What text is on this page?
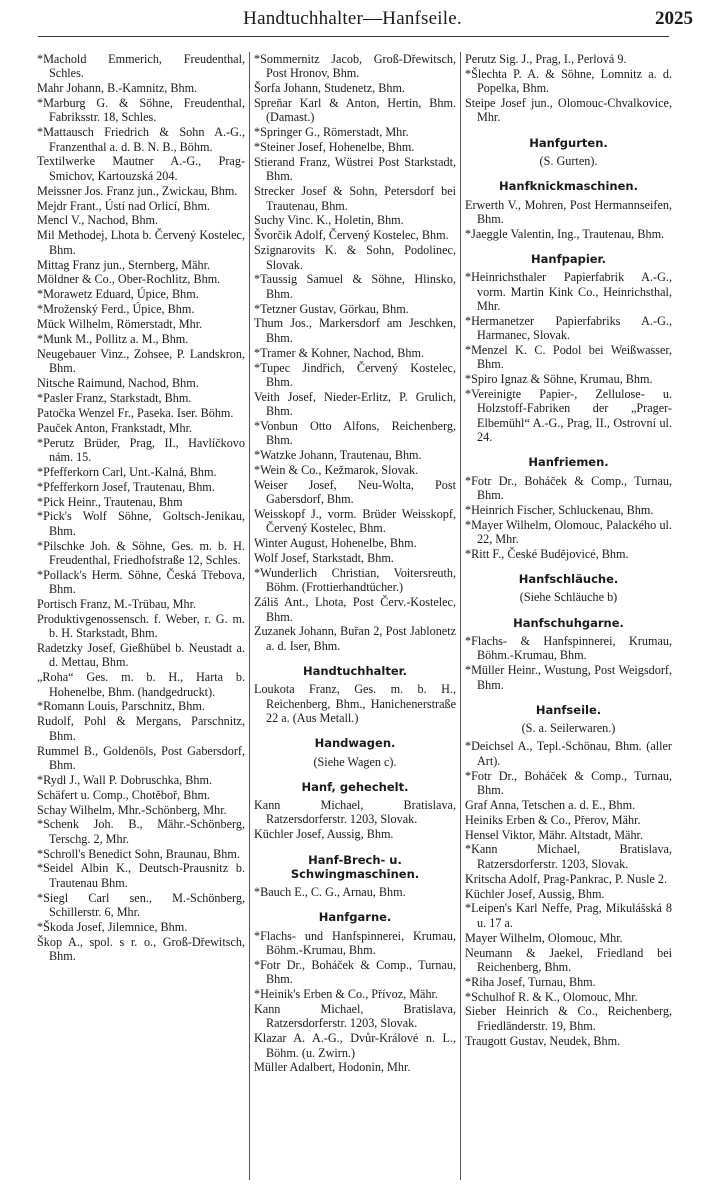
Handtuchhalter—Hanfseile.	2025
*Machold Emmerich, Freudenthal, Schles.
Mahr Johann, B.-Kamnitz, Bhm.
*Marburg G. & Söhne, Freudenthal, Fabriksstr. 18, Schles.
*Mattausch Friedrich & Sohn A.-G., Franzenthal a. d. B. N. B., Böhm.
Textilwerke Mautner A.-G., Prag-Smichov, Kartouzská 204.
Meissner Jos. Franz jun., Zwickau, Bhm.
Mejdr Frant., Ústí nad Orlicí, Bhm.
Mencl V., Nachod, Bhm.
Mil Methodej, Lhota b. Červený Kostelec, Bhm.
Mittag Franz jun., Sternberg, Mähr.
Möldner & Co., Ober-Rochlitz, Bhm.
*Morawetz Eduard, Úpice, Bhm.
*Mroženský Ferd., Úpice, Bhm.
Mück Wilhelm, Römerstadt, Mhr.
*Munk M., Pollitz a. M., Bhm.
Neugebauer Vinz., Zohsee, P. Landskron, Bhm.
Nitsche Raimund, Nachod, Bhm.
*Pasler Franz, Starkstadt, Bhm.
Patočka Wenzel Fr., Paseka. Iser. Böhm.
Pauček Anton, Frankstadt, Mhr.
*Perutz Brüder, Prag, II., Havlíčkovo nám. 15.
*Pfefferkorn Carl, Unt.-Kalná, Bhm.
*Pfefferkorn Josef, Trautenau, Bhm.
*Pick Heinr., Trautenau, Bhm
*Pick's Wolf Söhne, Goltsch-Jenikau, Bhm.
*Pilschke Joh. & Söhne, Ges. m. b. H. Freudenthal, Friedhofstraße 12, Schles.
*Pollack's Herm. Söhne, Česká Třebova, Bhm.
Portisch Franz, M.-Trübau, Mhr.
Produktivgenossensch. f. Weber, r. G. m. b. H. Starkstadt, Bhm.
Radetzky Josef, Gießhübel b. Neustadt a. d. Mettau, Bhm.
„Roha“ Ges. m. b. H., Harta b. Hohenelbe, Bhm. (handgedruckt).
*Romann Louis, Parschnitz, Bhm.
Rudolf, Pohl & Mergans, Parschnitz, Bhm.
Rummel B., Goldenöls, Post Gabersdorf, Bhm.
*Rydl J., Wall P. Dobruschka, Bhm.
Schäfert u. Comp., Chotěboř, Bhm.
Schay Wilhelm, Mhr.-Schönberg, Mhr.
*Schenk Joh. B., Mähr.-Schönberg, Terschg. 2, Mhr.
*Schroll's Benedict Sohn, Braunau, Bhm.
*Seidel Albin K., Deutsch-Prausnitz b. Trautenau Bhm.
*Siegl Carl sen., M.-Schönberg, Schillerstr. 6, Mhr.
*Škoda Josef, Jilemnice, Bhm.
Škop A., spol. s r. o., Groß-Dřewitsch, Bhm.
*Sommernitz Jacob, Groß-Dřewitsch, Post Hronov, Bhm.
Šorfa Johann, Studenetz, Bhm.
Spreňar Karl & Anton, Hertin, Bhm. (Damast.)
*Springer G., Römerstadt, Mhr.
*Steiner Josef, Hohenelbe, Bhm.
Stierand Franz, Wüstrei Post Starkstadt, Bhm.
Strecker Josef & Sohn, Petersdorf bei Trautenau, Bhm.
Suchy Vinc. K., Holetin, Bhm.
Švorčik Adolf, Červený Kostelec, Bhm.
Szignarovits K. & Sohn, Podolinec, Slovak.
*Taussig Samuel & Söhne, Hlinsko, Bhm.
*Tetzner Gustav, Görkau, Bhm.
Thum Jos., Markersdorf am Jeschken, Bhm.
*Tramer & Kohner, Nachod, Bhm.
*Tupec Jindřich, Červený Kostelec, Bhm.
Veith Josef, Nieder-Erlitz, P. Grulich, Bhm.
*Vonbun Otto Alfons, Reichenberg, Bhm.
*Watzke Johann, Trautenau, Bhm.
*Wein & Co., Kežmarok, Slovak.
Weiser Josef, Neu-Wolta, Post Gabersdorf, Bhm.
Weisskopf J., vorm. Brüder Weisskopf, Červený Kostelec, Bhm.
Winter August, Hohenelbe, Bhm.
Wolf Josef, Starkstadt, Bhm.
*Wunderlich Christian, Voitersreuth, Böhm. (Frottierhandtücher.)
Záliš Ant., Lhota, Post Červ.-Kostelec, Bhm.
Zuzanek Johann, Buřan 2, Post Jablonetz a. d. Iser, Bhm.
Handtuchhalter.
Loukota Franz, Ges. m. b. H., Reichenberg, Bhm., Hanichenerstraße 22 a. (Aus Metall.)
Handwagen.
(Siehe Wagen c).
Hanf, gehechelt.
Kann Michael, Bratislava, Ratzersdorferstr. 1203, Slovak.
Küchler Josef, Aussig, Bhm.
Hanf-Brech- u. Schwingmaschinen.
*Bauch E., C. G., Arnau, Bhm.
Hanfgarne.
*Flachs- und Hanfspinnerei, Krumau, Böhm.-Krumau, Bhm.
*Fotr Dr., Boháček & Comp., Turnau, Bhm.
*Heinik's Erben & Co., Přívoz, Mähr.
Kann Michael, Bratislava, Ratzersdorferstr. 1203, Slovak.
Klazar A. A.-G., Dvůr-Králové n. L., Böhm. (u. Zwirn.)
Müller Adalbert, Hodonin, Mhr.
Perutz Sig. J., Prag, I., Perlová 9.
*Šlechta P. A. & Söhne, Lomnitz a. d. Popelka, Bhm.
Steipe Josef jun., Olomouc-Chvalkovice, Mhr.
Hanfgurten.
(S. Gurten).
Hanfknickmaschinen.
Erwerth V., Mohren, Post Hermannseifen, Bhm.
*Jaeggle Valentin, Ing., Trautenau, Bhm.
Hanfpapier.
*Heinrichsthaler Papierfabrik A.-G., vorm. Martin Kink Co., Heinrichsthal, Mhr.
*Hermanetzer Papierfabriks A.-G., Harmanec, Slovak.
*Menzel K. C. Podol bei Weißwasser, Bhm.
*Spiro Ignaz & Söhne, Krumau, Bhm.
*Vereinigte Papier-, Zellulose- u. Holzstoff-Fabriken der „Prager-Elbemühl“ A.-G., Prag, II., Ostrovní ul. 24.
Hanfriemen.
*Fotr Dr., Boháček & Comp., Turnau, Bhm.
*Heinrich Fischer, Schluckenau, Bhm.
*Mayer Wilhelm, Olomouc, Palackého ul. 22, Mhr.
*Ritt F., České Budějovicé, Bhm.
Hanfschläuche.
(Siehe Schläuche b)
Hanfschuhgarne.
*Flachs- & Hanfspinnerei, Krumau, Böhm.-Krumau, Bhm.
*Müller Heinr., Wustung, Post Weigsdorf, Bhm.
Hanfseile.
(S. a. Seilerwaren.)
*Deichsel A., Tepl.-Schönau, Bhm. (aller Art).
*Fotr Dr., Boháček & Comp., Turnau, Bhm.
Graf Anna, Tetschen a. d. E., Bhm.
Heiniks Erben & Co., Přerov, Mähr.
Hensel Viktor, Mähr. Altstadt, Mähr.
*Kann Michael, Bratislava, Ratzersdorferstr. 1203, Slovak.
Kritscha Adolf, Prag-Pankrac, P. Nusle 2.
Küchler Josef, Aussig, Bhm.
*Leipen's Karl Neffe, Prag, Mikulášská 8 u. 17 a.
Mayer Wilhelm, Olomouc, Mhr.
Neumann & Jaekel, Friedland bei Reichenberg, Bhm.
*Riha Josef, Turnau, Bhm.
*Schulhof R. & K., Olomouc, Mhr.
Sieber Heinrich & Co., Reichenberg, Friedländerstr. 19, Bhm.
Traugott Gustav, Neudek, Bhm.
